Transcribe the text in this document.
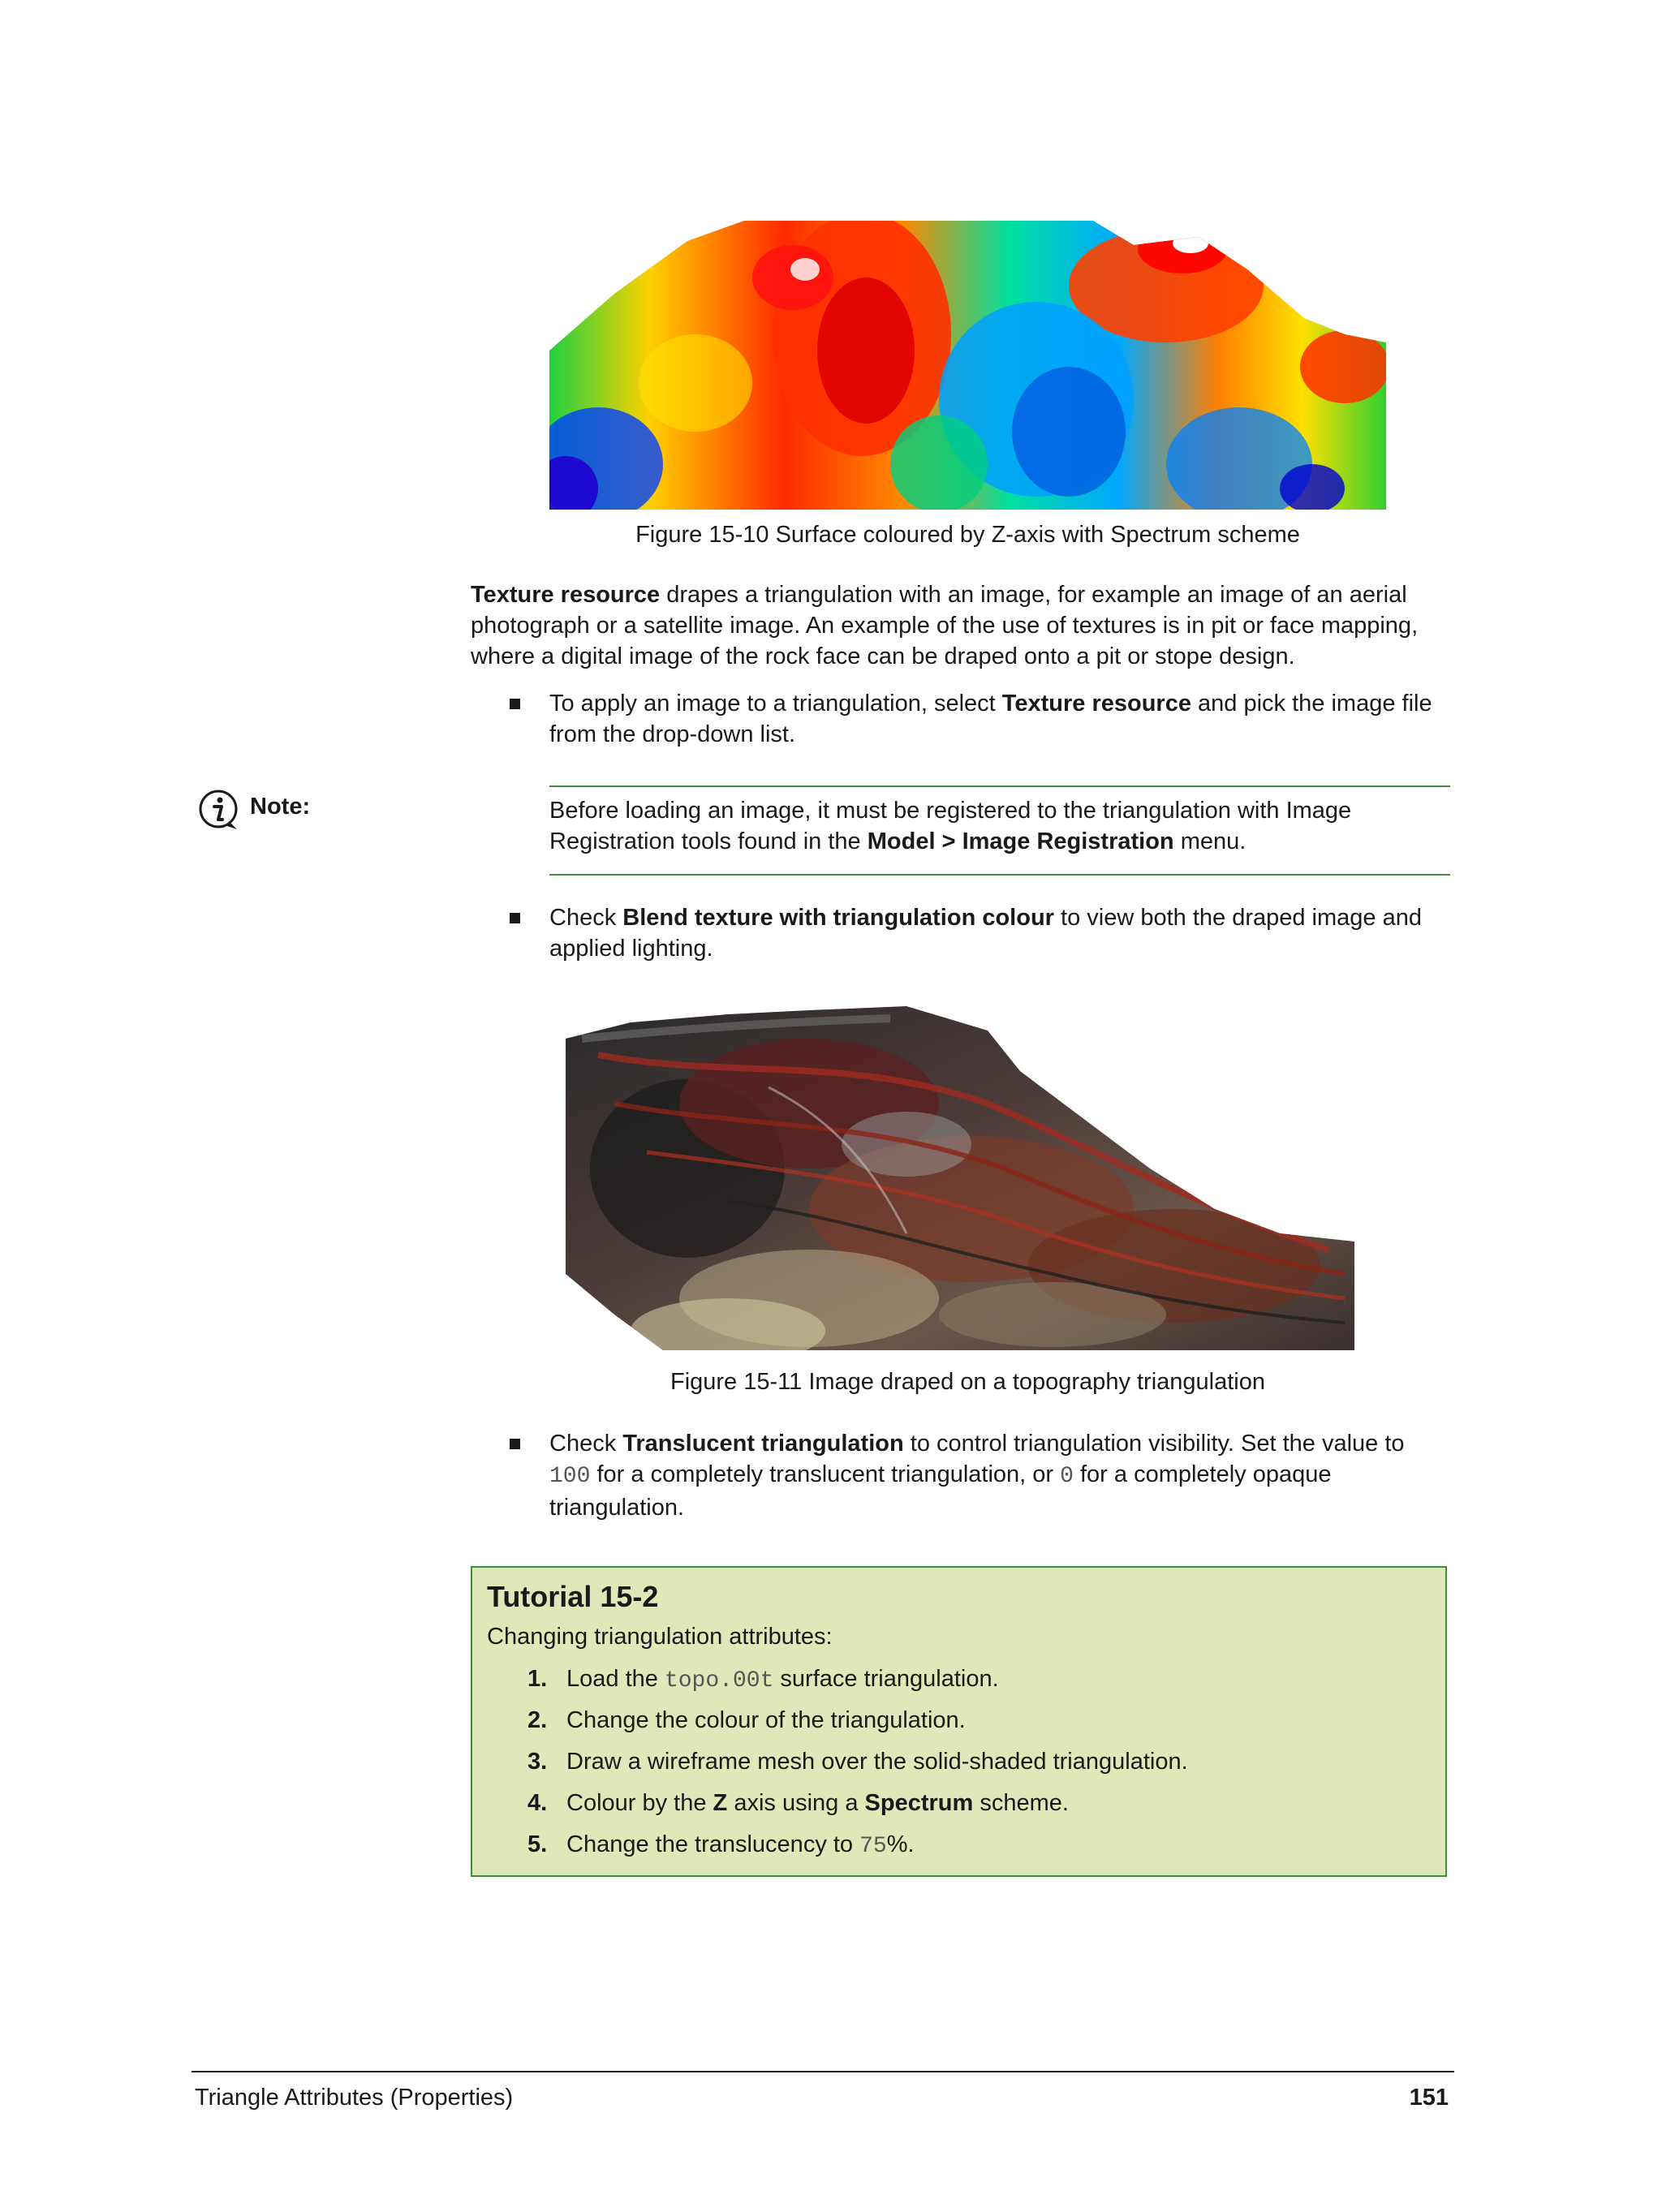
Figure 15-10 Surface coloured by Z-axis with Spectrum scheme
Texture resource drapes a triangulation with an image, for example an image of an aerial photograph or a satellite image. An example of the use of textures is in pit or face mapping, where a digital image of the rock face can be draped onto a pit or stope design.
To apply an image to a triangulation, select Texture resource and pick the image file from the drop-down list.
Note:	Before loading an image, it must be registered to the triangulation with Image Registration tools found in the Model > Image Registration menu.
Check Blend texture with triangulation colour to view both the draped image and applied lighting.
Figure 15-11 Image draped on a topography triangulation
Check Translucent triangulation to control triangulation visibility. Set the value to 100 for a completely translucent triangulation, or 0 for a completely opaque triangulation.
Tutorial 15-2
Changing triangulation attributes:
1. Load the topo.00t surface triangulation.
2. Change the colour of the triangulation.
3. Draw a wireframe mesh over the solid-shaded triangulation.
4. Colour by the Z axis using a Spectrum scheme.
5. Change the translucency to 75%.
Triangle Attributes (Properties)	151
